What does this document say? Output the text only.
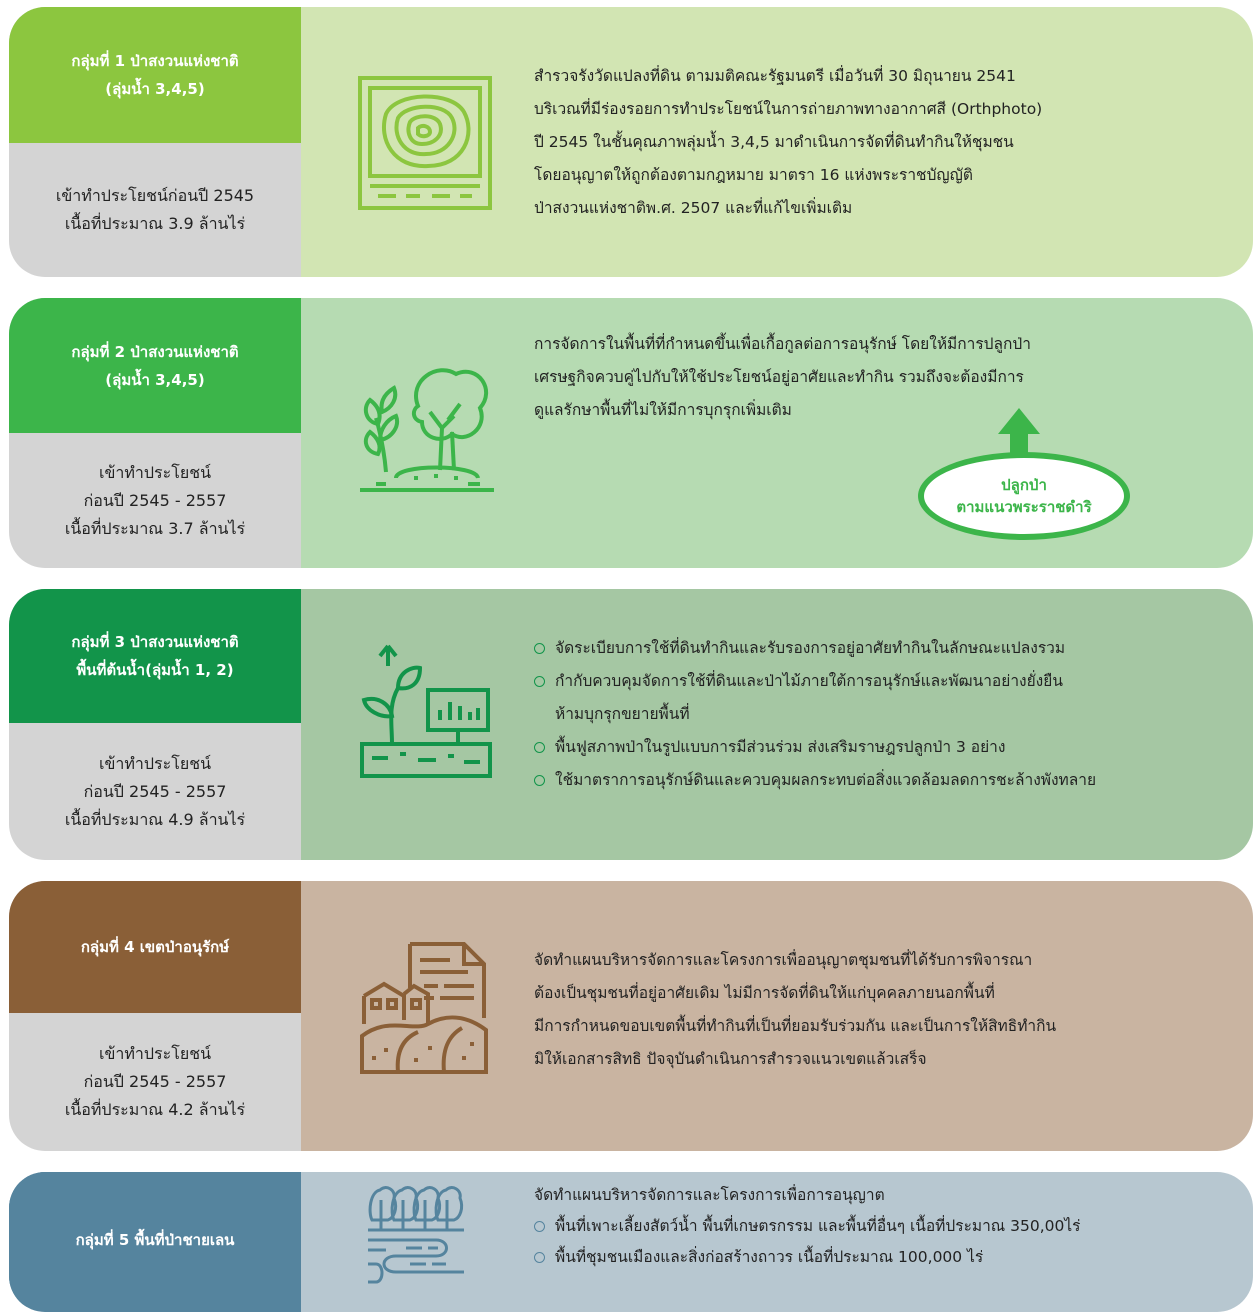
กลุ่มที่ 1 ป่าสงวนแห่งชาติ
(ลุ่มน้ำ 3,4,5)
เข้าทำประโยชน์ก่อนปี 2545
เนื้อที่ประมาณ 3.9 ล้านไร่
สำรวจรังวัดแปลงที่ดิน ตามมติคณะรัฐมนตรี เมื่อวันที่ 30 มิถุนายน 2541
บริเวณที่มีร่องรอยการทำประโยชน์ในการถ่ายภาพทางอากาศสี (Orthphoto)
ปี 2545 ในชั้นคุณภาพลุ่มน้ำ 3,4,5 มาดำเนินการจัดที่ดินทำกินให้ชุมชน
โดยอนุญาตให้ถูกต้องตามกฎหมาย มาตรา 16 แห่งพระราชบัญญัติ
ป่าสงวนแห่งชาติพ.ศ. 2507 และที่แก้ไขเพิ่มเติม
กลุ่มที่ 2 ป่าสงวนแห่งชาติ
(ลุ่มน้ำ 3,4,5)
เข้าทำประโยชน์
ก่อนปี 2545 - 2557
เนื้อที่ประมาณ 3.7 ล้านไร่
การจัดการในพื้นที่ที่กำหนดขึ้นเพื่อเกื้อกูลต่อการอนุรักษ์ โดยให้มีการปลูกป่า
เศรษฐกิจควบคู่ไปกับให้ใช้ประโยชน์อยู่อาศัยและทำกิน รวมถึงจะต้องมีการ
ดูแลรักษาพื้นที่ไม่ให้มีการบุกรุกเพิ่มเติม
ปลูกป่า
ตามแนวพระราชดำริ
กลุ่มที่ 3 ป่าสงวนแห่งชาติ
พื้นที่ต้นน้ำ(ลุ่มน้ำ 1, 2)
เข้าทำประโยชน์
ก่อนปี 2545 - 2557
เนื้อที่ประมาณ 4.9 ล้านไร่
จัดระเบียบการใช้ที่ดินทำกินและรับรองการอยู่อาศัยทำกินในลักษณะแปลงรวม
กำกับควบคุมจัดการใช้ที่ดินและป่าไม้ภายใต้การอนุรักษ์และพัฒนาอย่างยั่งยืน
ห้ามบุกรุกขยายพื้นที่
พื้นฟูสภาพป่าในรูปแบบการมีส่วนร่วม ส่งเสริมราษฎรปลูกป่า 3 อย่าง
ใช้มาตราการอนุรักษ์ดินและควบคุมผลกระทบต่อสิ่งแวดล้อมลดการชะล้างพังทลาย
กลุ่มที่ 4 เขตป่าอนุรักษ์
เข้าทำประโยชน์
ก่อนปี 2545 - 2557
เนื้อที่ประมาณ 4.2 ล้านไร่
จัดทำแผนบริหารจัดการและโครงการเพื่ออนุญาตชุมชนที่ได้รับการพิจารณา
ต้องเป็นชุมชนที่อยู่อาศัยเดิม ไม่มีการจัดที่ดินให้แก่บุคคลภายนอกพื้นที่
มีการกำหนดขอบเขตพื้นที่ทำกินที่เป็นที่ยอมรับร่วมกัน และเป็นการให้สิทธิทำกิน
มิให้เอกสารสิทธิ ปัจจุบันดำเนินการสำรวจแนวเขตแล้วเสร็จ
กลุ่มที่ 5 พื้นที่ป่าชายเลน
จัดทำแผนบริหารจัดการและโครงการเพื่อการอนุญาต
พื้นที่เพาะเลี้ยงสัตว์น้ำ พื้นที่เกษตรกรรม และพื้นที่อื่นๆ เนื้อที่ประมาณ 350,00ไร่
พื้นที่ชุมชนเมืองและสิ่งก่อสร้างถาวร เนื้อที่ประมาณ 100,000 ไร่
